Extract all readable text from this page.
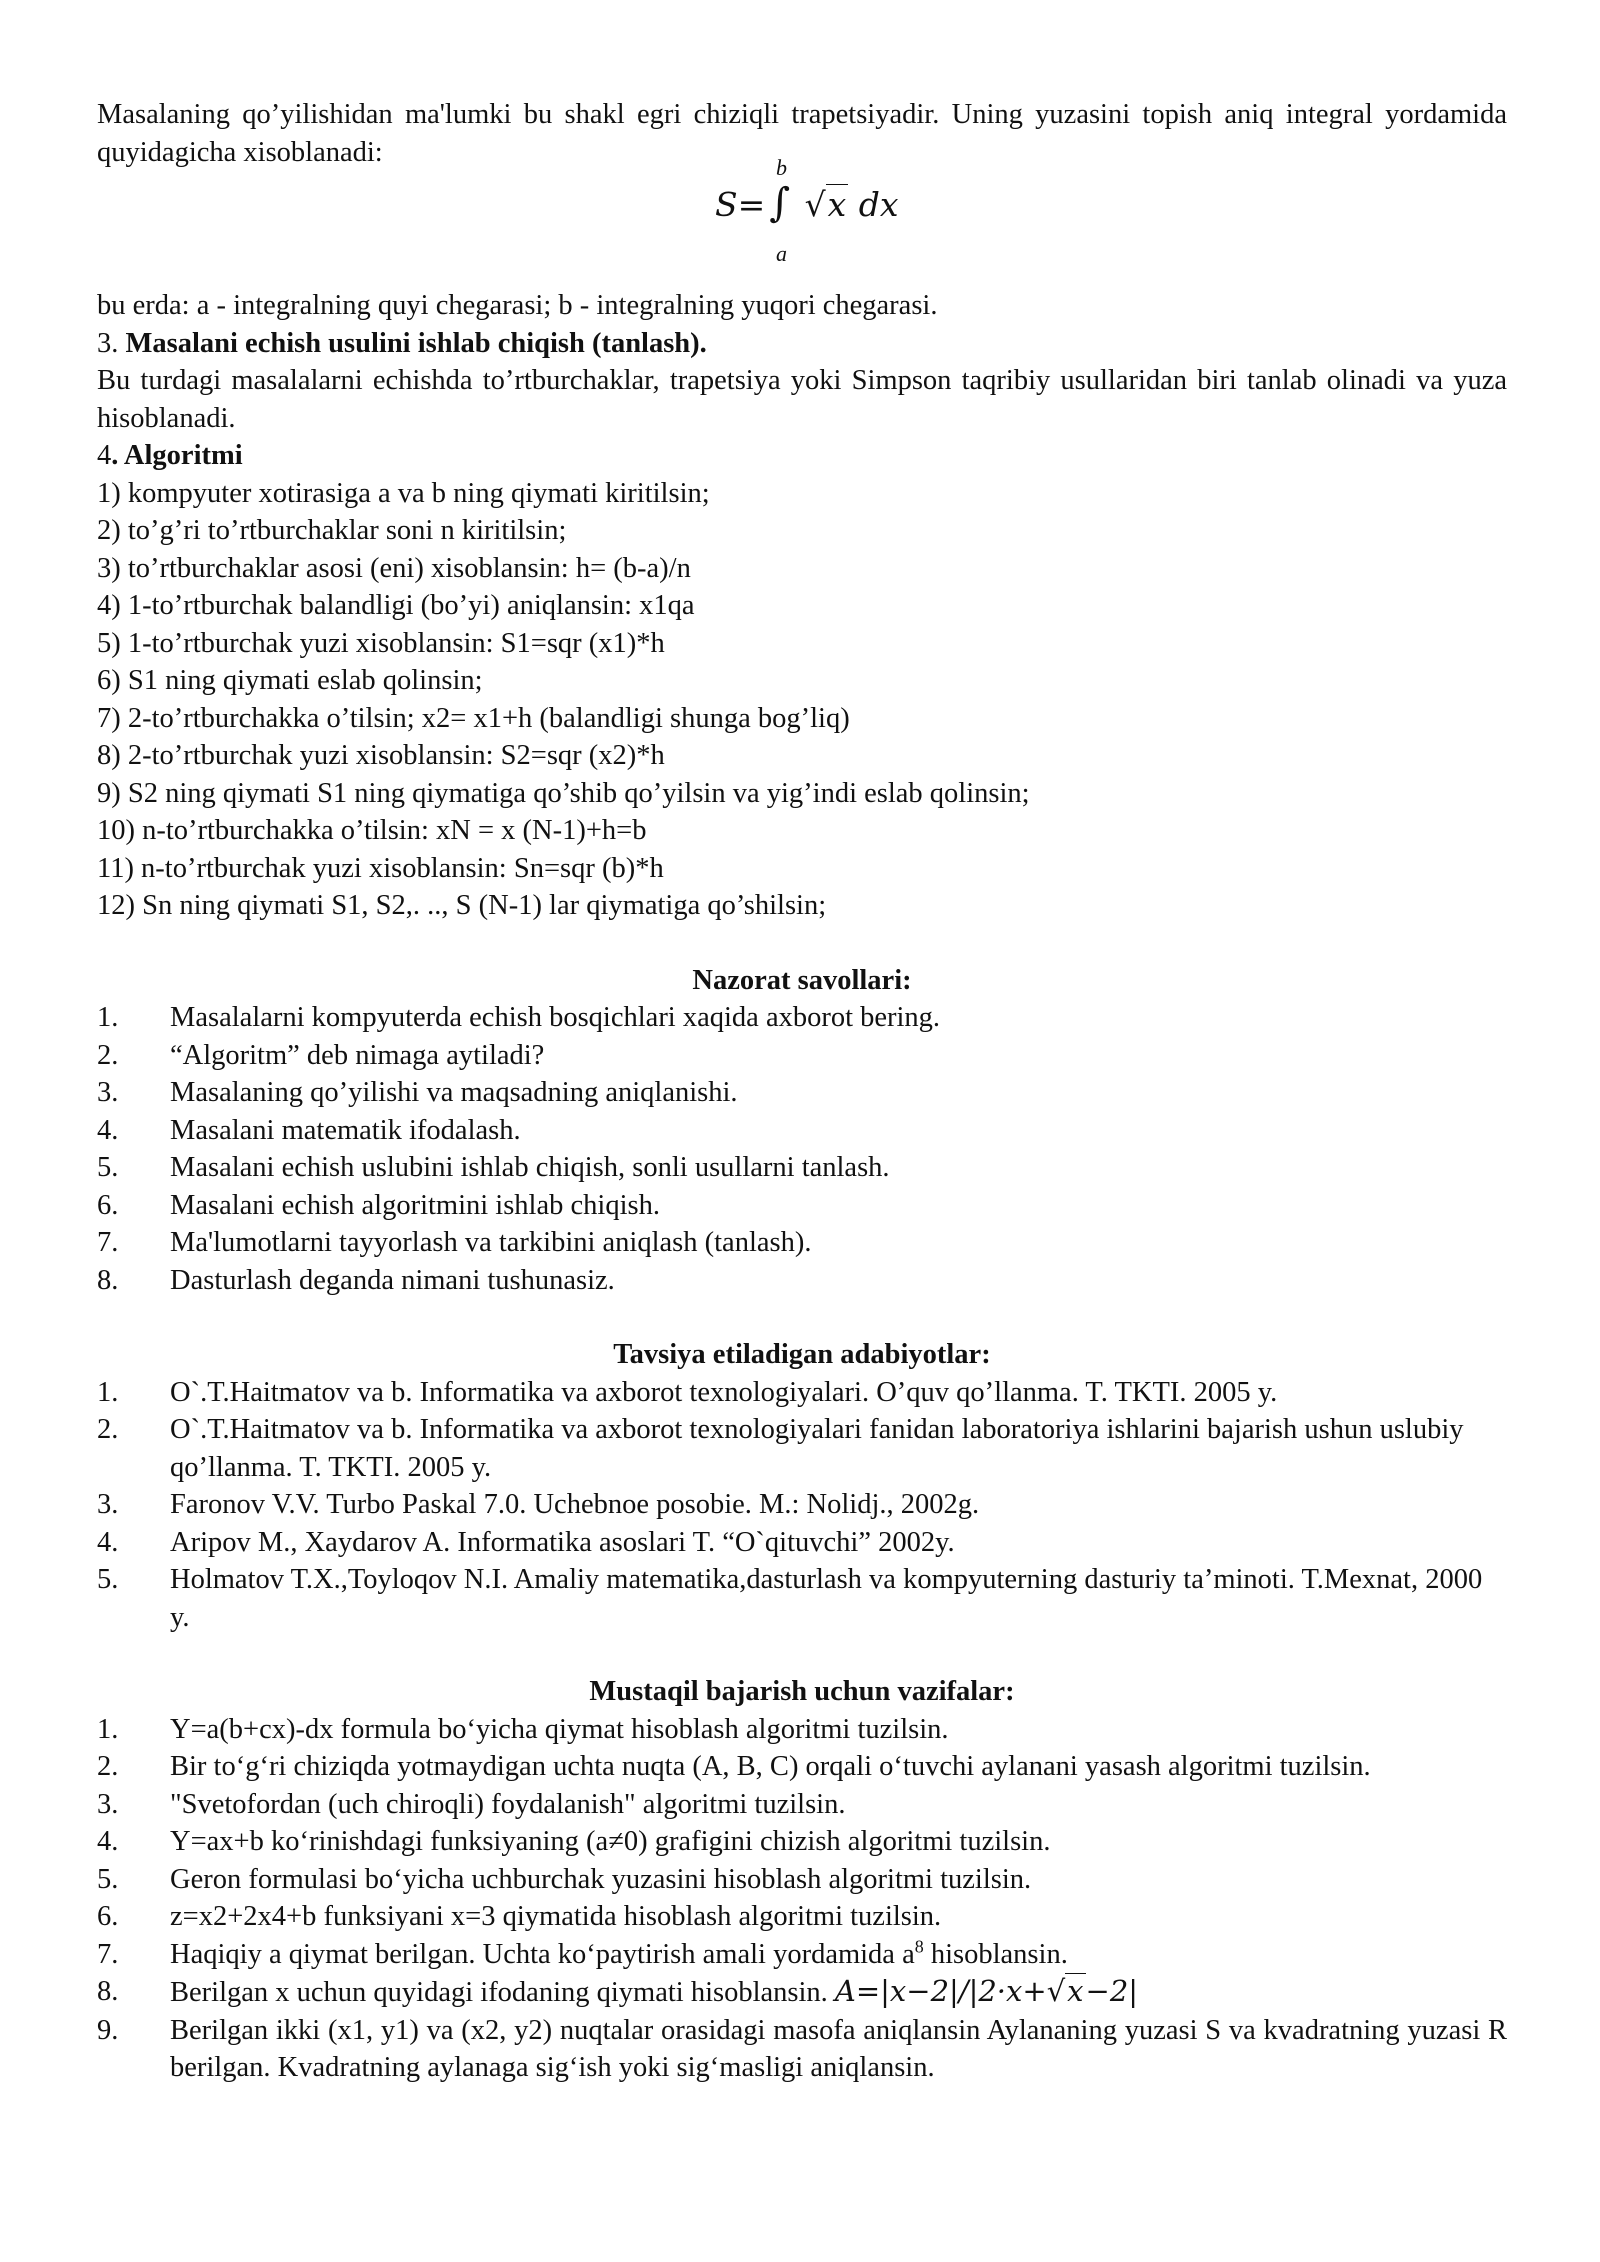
Masalaning qo’yilishidan ma'lumki bu shakl egri chiziqli trapetsiyadir. Uning yuzasini topish aniq integral yordamida quyidagicha xisoblanadi:	b
S= ∫ √x dx
a

bu erda: a - integralning quyi chegarasi; b - integralning yuqori chegarasi.

3. Masalani echish usulini ishlab chiqish (tanlash).

Bu turdagi masalalarni echishda to’rtburchaklar, trapetsiya yoki Simpson taqribiy usullaridan biri tanlab olinadi va yuza hisoblanadi.

4. Algoritmi

1) kompyuter xotirasiga a va b ning qiymati kiritilsin;

2) to’g’ri to’rtburchaklar soni n kiritilsin;

3) to’rtburchaklar asosi (eni) xisoblansin: h= (b-a)/n

4) 1-to’rtburchak balandligi (bo’yi) aniqlansin: x1qa

5) 1-to’rtburchak yuzi xisoblansin: S1=sqr (x1)*h

6) S1 ning qiymati eslab qolinsin;

7) 2-to’rtburchakka o’tilsin; x2= x1+h (balandligi shunga bog’liq)

8) 2-to’rtburchak yuzi xisoblansin: S2=sqr (x2)*h

9) S2 ning qiymati S1 ning qiymatiga qo’shib qo’yilsin va yig’indi eslab qolinsin;

10) n-to’rtburchakka o’tilsin: xN = x (N-1)+h=b

11) n-to’rtburchak yuzi xisoblansin: Sn=sqr (b)*h

12) Sn ning qiymati S1, S2,. .., S (N-1) lar qiymatiga qo’shilsin;

Nazorat savollari:

1. Masalalarni kompyuterda echish bosqichlari xaqida axborot bering.
2. “Algoritm” deb nimaga aytiladi?
3. Masalaning qo’yilishi va maqsadning aniqlanishi.
4. Masalani matematik ifodalash.
5. Masalani echish uslubini ishlab chiqish, sonli usullarni tanlash.
6. Masalani echish algoritmini ishlab chiqish.
7. Ma'lumotlarni tayyorlash va tarkibini aniqlash (tanlash).
8. Dasturlash deganda nimani tushunasiz.

Tavsiya etiladigan adabiyotlar:

1. O`.T.Haitmatov va b. Informatika va axborot texnologiyalari. O’quv qo’llanma. T. TKTI. 2005 y.
2. O`.T.Haitmatov va b. Informatika va axborot texnologiyalari fanidan laboratoriya ishlarini bajarish ushun uslubiy qo’llanma. T. TKTI. 2005 y.
3. Faronov V.V. Turbo Paskal 7.0. Uchebnoe posobie. M.: Nolidj., 2002g.
4. Aripov M., Xaydarov A. Informatika asoslari T. “O`qituvchi” 2002y.
5. Holmatov T.X.,Toyloqov N.I. Amaliy matematika,dasturlash va kompyuterning dasturiy ta’minoti. T.Mexnat, 2000 y.

Mustaqil bajarish uchun vazifalar:

1. Y=a(b+cx)-dx formula bo‘yicha qiymat hisoblash algoritmi tuzilsin.
2. Bir to‘g‘ri chiziqda yotmaydigan uchta nuqta (A, B, C) orqali o‘tuvchi aylanani yasash algoritmi tuzilsin.
3. "Svetofordan (uch chiroqli) foydalanish" algoritmi tuzilsin.
4. Y=ax+b ko‘rinishdagi funksiyaning (a≠0) grafigini chizish algoritmi tuzilsin.
5. Geron formulasi bo‘yicha uchburchak yuzasini hisoblash algoritmi tuzilsin.
6. z=x2+2x4+b funksiyani x=3 qiymatida hisoblash algoritmi tuzilsin.
7. Haqiqiy a qiymat berilgan. Uchta ko‘paytirish amali yordamida $a^8$ hisoblansin.
8. Berilgan x uchun quyidagi ifodaning qiymati hisoblansin. A=|x−2|/|2·x+√x−2|
9. Berilgan ikki (x1, y1) va (x2, y2) nuqtalar orasidagi masofa aniqlansin Aylananing yuzasi S va kvadratning yuzasi R berilgan. Kvadratning aylanaga sig‘ish yoki sig‘masligi aniqlansin.
